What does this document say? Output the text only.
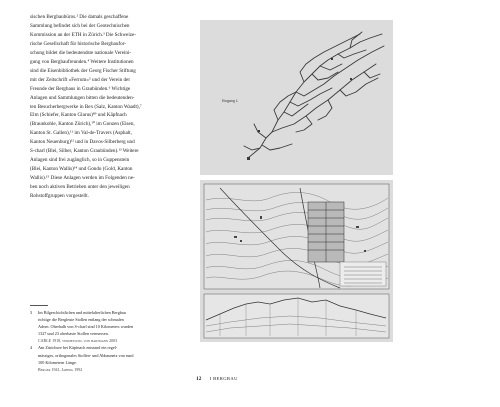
sischen Bergbaubüros.² Die damals geschaffene
Sammlung befindet sich bei der Geotechnischen
Kommission an der ETH in Zürich.³ Die Schweize-
rische Gesellschaft für historische Bergbaufor-
schung bildet die bedeutendste nationale Vereini-
gung von Bergbaufreunden.⁴ Weitere Institutionen
sind die Eisenbibliothek der Georg Fischer Stiftung
mit der Zeitschrift «Ferrum»⁵ und der Verein der
Freunde der Bergbaus in Graubünden.⁶ Wichtige
Anlagen und Sammlungen bitten die bedeutenden-
ten Besucherbergwerke in Bex (Salz, Kanton Waadt),⁷
Elm (Schiefer, Kanton Glarus)⁸⁹ und Käpfnach
(Braunkohle, Kanton Zürich),¹⁰ im Gonzen (Eisen,
Kanton St. Gallen),¹¹ im Val-de-Travers (Asphalt,
Kanton Neuenburg)¹² und in Davos-Silberberg und
S-charl (Blei, Silber, Kanton Graubünden).¹³ Weitere
Anlagen sind frei zugänglich, so in Guppenstein
(Blei, Kanton Wallis)¹⁴ und Gondo (Gold, Kanton
Wallis).¹⁵ Diese Anlagen werden im Folgenden ne-
ben noch aktiven Betrieben unter den jeweiligen
Rohstoffgruppen vorgestellt.
3 Im Bilgeschichtlichen und mittelalterlichen Bergbau
richtige die Bergleute Stollen entlang der schmalen
Adern. Oberhalb von S-charl sind 10 Kilometers wurden
1327 und 23 oberhaste Stollen vermessen.
CARLE 1918, vermessung von hartmann 2003
4 Am Zürichsee bei Käpfnach entstand ein regel-
mässiges, orthogonales Stollen- und Abbaunetz von rund
100 Kilometern Länge.
Berger 1941, Jaberg 1992
Eingang 1
12 I BERGBAU
